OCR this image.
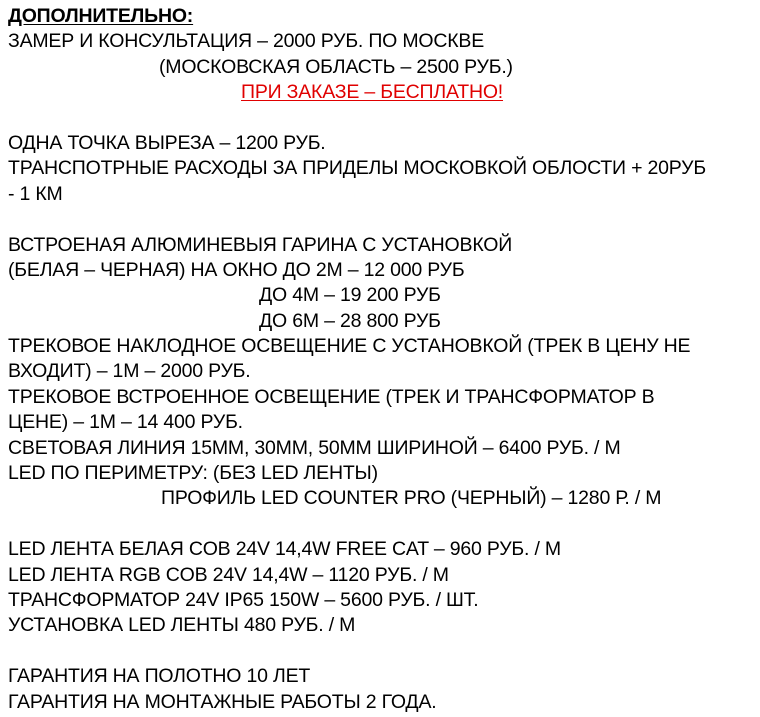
ДОПОЛНИТЕЛЬНО:
ЗАМЕР И КОНСУЛЬТАЦИЯ – 2000 РУБ. ПО МОСКВЕ
(МОСКОВСКАЯ ОБЛАСТЬ – 2500 РУБ.)
ПРИ ЗАКАЗЕ – БЕСПЛАТНО!
ОДНА ТОЧКА ВЫРЕЗА – 1200 РУБ.
ТРАНСПОТРНЫЕ РАСХОДЫ ЗА ПРИДЕЛЫ МОСКОВКОЙ ОБЛОСТИ + 20РУБ
- 1 КМ
ВСТРОЕНАЯ АЛЮМИНЕВЫЯ ГАРИНА С УСТАНОВКОЙ
(БЕЛАЯ – ЧЕРНАЯ) НА ОКНО ДО 2М – 12 000 РУБ
ДО 4М – 19 200 РУБ
ДО 6М – 28 800 РУБ
ТРЕКОВОЕ НАКЛОДНОЕ ОСВЕЩЕНИЕ С УСТАНОВКОЙ (ТРЕК В ЦЕНУ НЕ
ВХОДИТ) – 1М – 2000 РУБ.
ТРЕКОВОЕ ВСТРОЕННОЕ ОСВЕЩЕНИЕ (ТРЕК И ТРАНСФОРМАТОР В
ЦЕНЕ) – 1М – 14 400 РУБ.
СВЕТОВАЯ ЛИНИЯ 15ММ, 30ММ, 50ММ ШИРИНОЙ – 6400 РУБ. / М
LED ПО ПЕРИМЕТРУ: (БЕЗ LED ЛЕНТЫ)
ПРОФИЛЬ LED COUNTER PRO (ЧЕРНЫЙ) – 1280 Р. / М
LED ЛЕНТА БЕЛАЯ COB 24V 14,4W FREE CAT – 960 РУБ. / М
LED ЛЕНТА RGB COB 24V 14,4W – 1120 РУБ. / М
ТРАНСФОРМАТОР 24V IP65 150W – 5600 РУБ. / ШТ.
УСТАНОВКА LED ЛЕНТЫ 480 РУБ. / М
ГАРАНТИЯ НА ПОЛОТНО 10 ЛЕТ
ГАРАНТИЯ НА МОНТАЖНЫЕ РАБОТЫ 2 ГОДА.
